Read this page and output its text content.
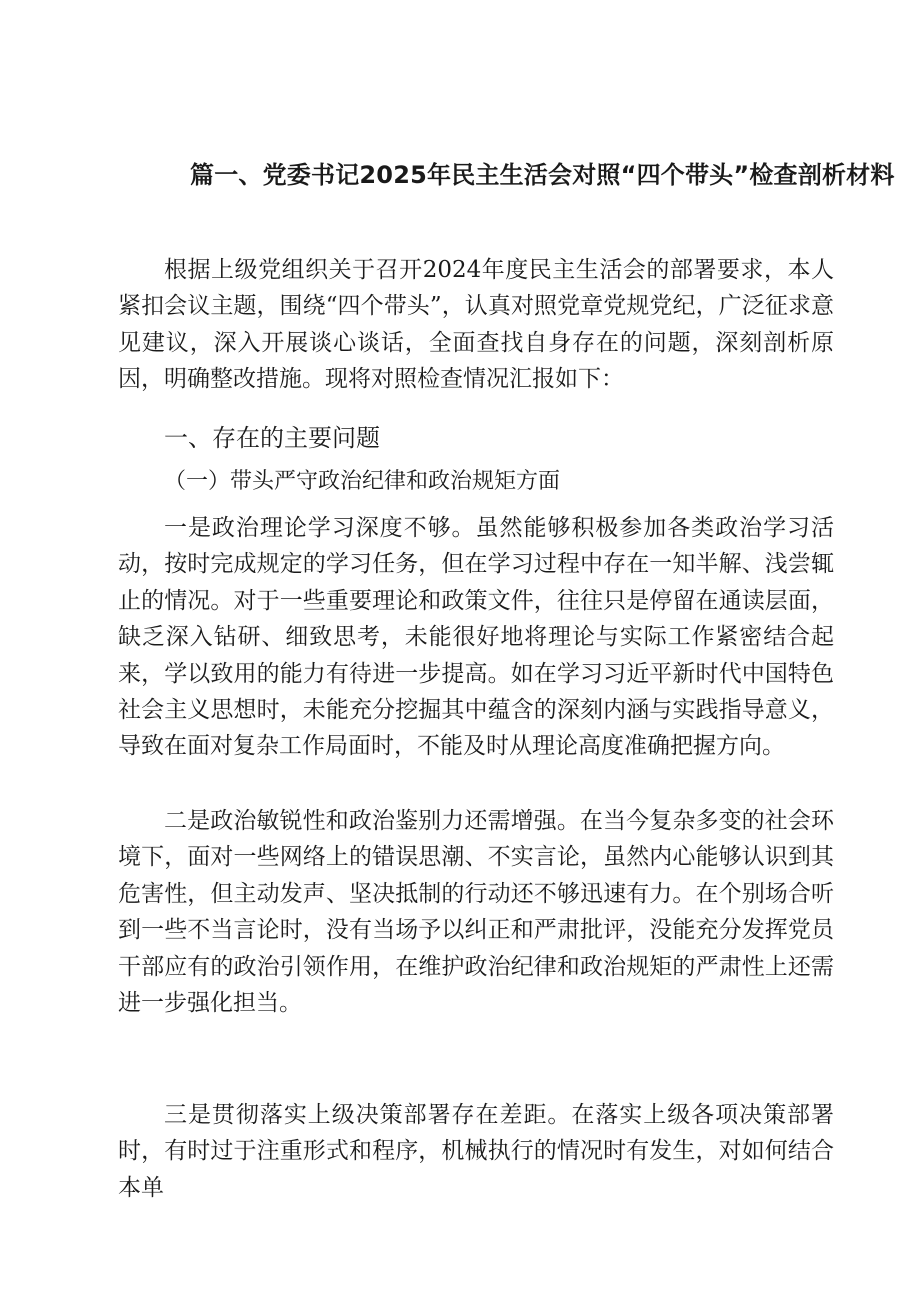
篇一、党委书记2025年民主生活会对照“四个带头”检查剖析材料

根据上级党组织关于召开2024年度民主生活会的部署要求，本人紧扣会议主题，围绕“四个带头”，认真对照党章党规党纪，广泛征求意见建议，深入开展谈心谈话，全面查找自身存在的问题，深刻剖析原因，明确整改措施。现将对照检查情况汇报如下：

一、存在的主要问题
（一）带头严守政治纪律和政治规矩方面

一是政治理论学习深度不够。虽然能够积极参加各类政治学习活动，按时完成规定的学习任务，但在学习过程中存在一知半解、浅尝辄止的情况。对于一些重要理论和政策文件，往往只是停留在通读层面，缺乏深入钻研、细致思考，未能很好地将理论与实际工作紧密结合起来，学以致用的能力有待进一步提高。如在学习习近平新时代中国特色社会主义思想时，未能充分挖掘其中蕴含的深刻内涵与实践指导意义，导致在面对复杂工作局面时，不能及时从理论高度准确把握方向。

二是政治敏锐性和政治鉴别力还需增强。在当今复杂多变的社会环境下，面对一些网络上的错误思潮、不实言论，虽然内心能够认识到其危害性，但主动发声、坚决抵制的行动还不够迅速有力。在个别场合听到一些不当言论时，没有当场予以纠正和严肃批评，没能充分发挥党员干部应有的政治引领作用，在维护政治纪律和政治规矩的严肃性上还需进一步强化担当。

三是贯彻落实上级决策部署存在差距。在落实上级各项决策部署时，有时过于注重形式和程序，机械执行的情况时有发生，对如何结合本单
